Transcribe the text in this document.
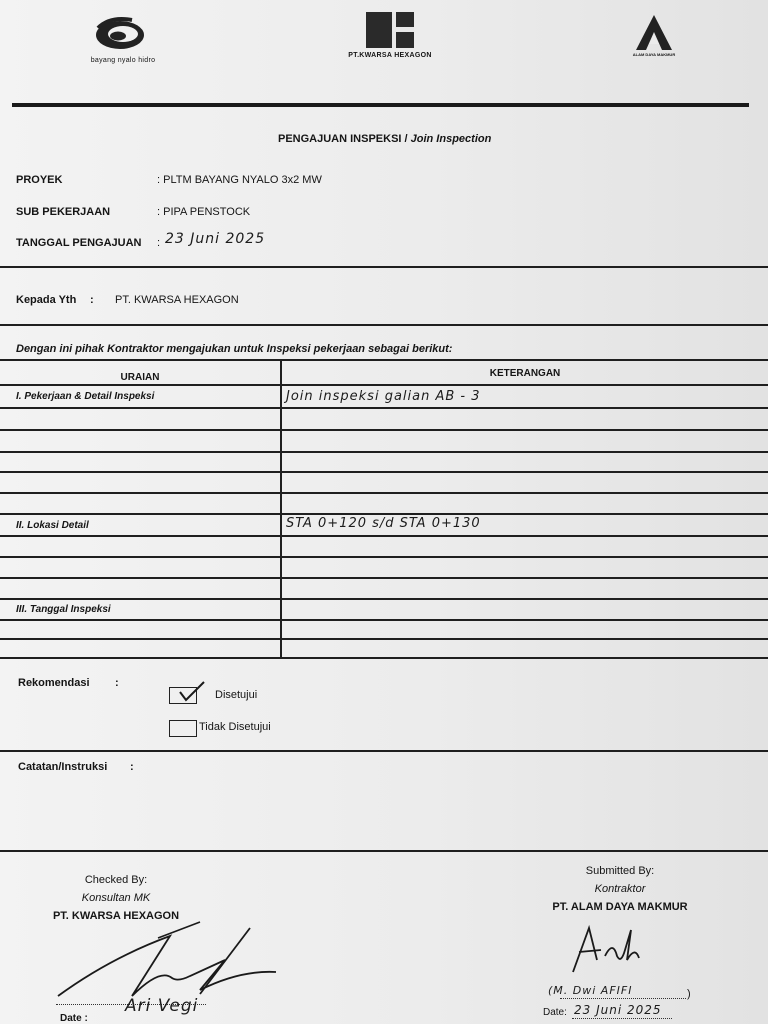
bayang nyalo hidro
PT.KWARSA HEXAGON	ALAM DAYA MAKMUR
PENGAJUAN INSPEKSI / Join Inspection
PROYEK	: PLTM BAYANG NYALO 3x2 MW
SUB PEKERJAAN	: PIPA PENSTOCK
TANGGAL PENGAJUAN : 23 Juni 2025
Kepada Yth : PT. KWARSA HEXAGON
Dengan ini pihak Kontraktor mengajukan untuk Inspeksi pekerjaan sebagai berikut:
URAIAN	KETERANGAN
I. Pekerjaan & Detail Inspeksi	Join inspeksi galian AB - 3
II. Lokasi Detail	STA 0+120 s/d STA 0+130
III. Tanggal Inspeksi
Rekomendasi :
Disetujui
Tidak Disetujui
Catatan/Instruksi :
Checked By:
Konsultan MK
PT. KWARSA HEXAGON
Date :
Ari Vegi
Submitted By:
Kontraktor
PT. ALAM DAYA MAKMUR
(M. Dwi AFIFI	)
Date: 23 Juni 2025
